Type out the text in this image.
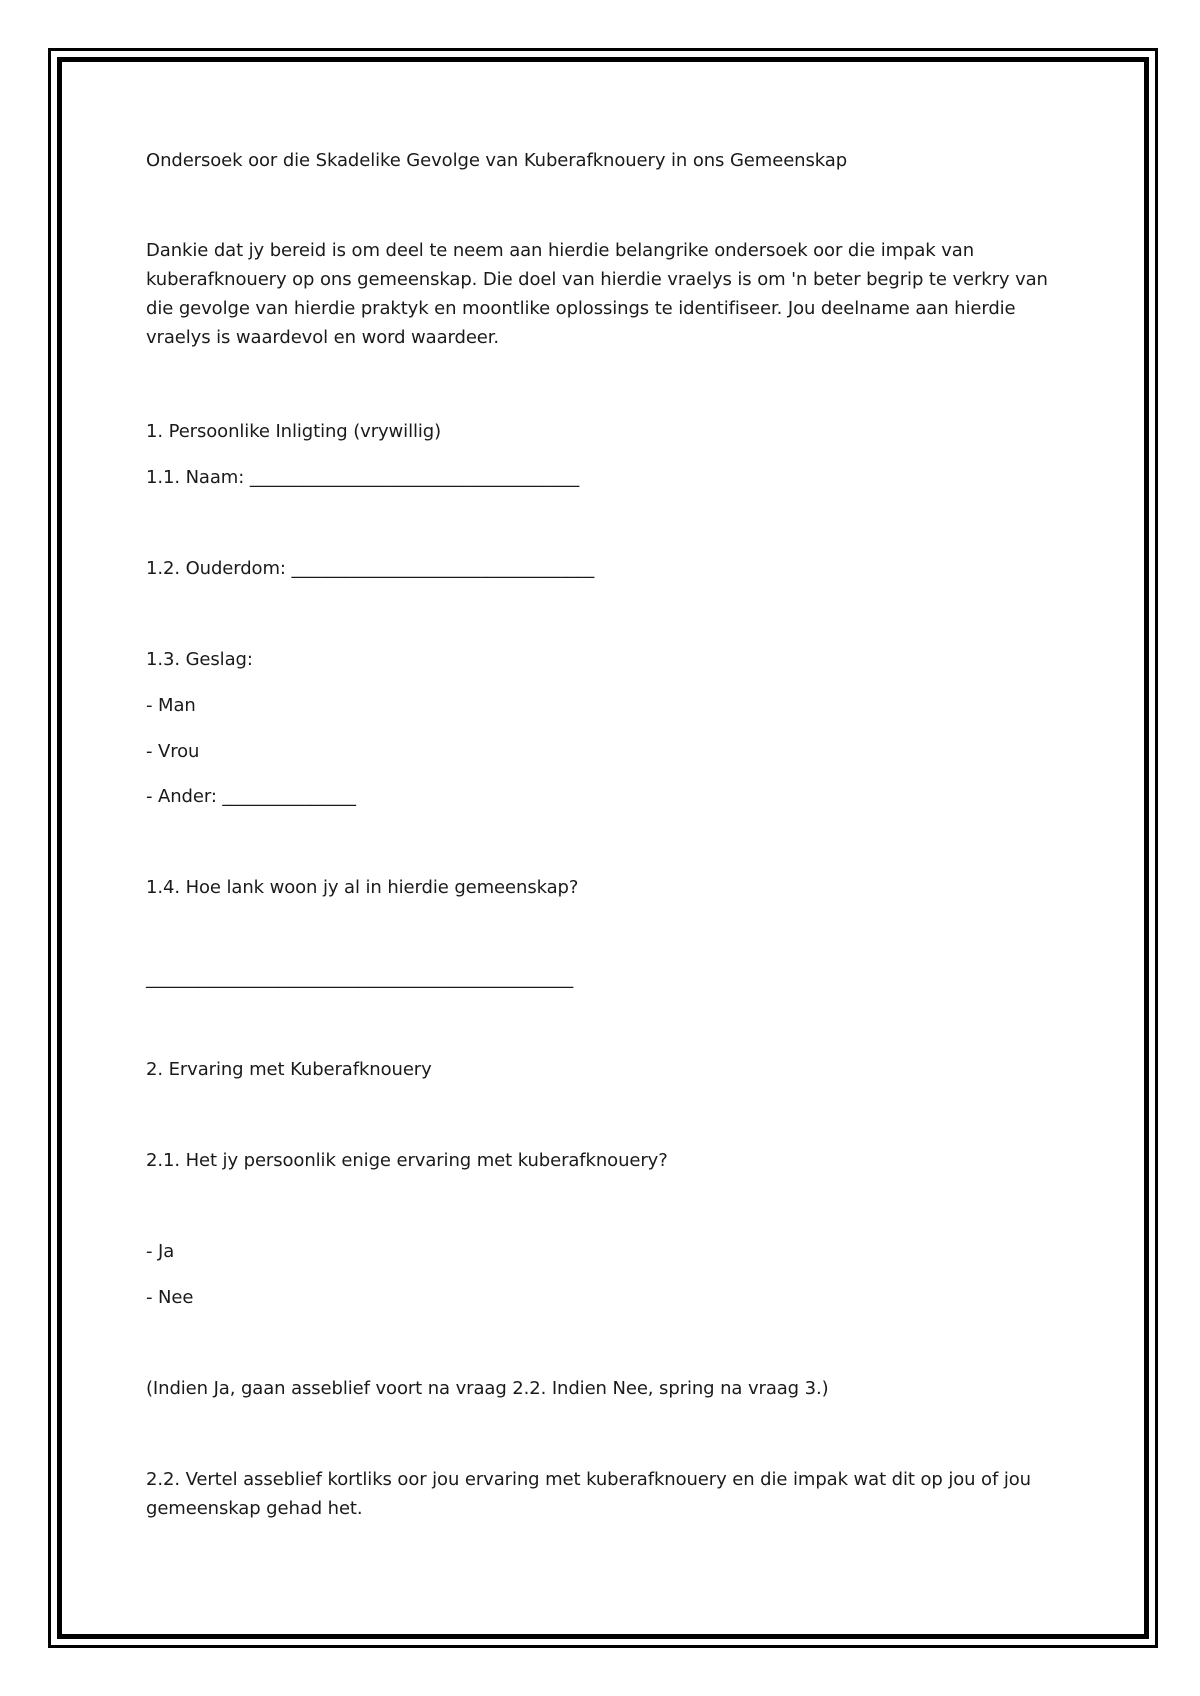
Ondersoek oor die Skadelike Gevolge van Kuberafknouery in ons Gemeenskap

Dankie dat jy bereid is om deel te neem aan hierdie belangrike ondersoek oor die impak van

kuberafknouery op ons gemeenskap. Die doel van hierdie vraelys is om 'n beter begrip te verkry van

die gevolge van hierdie praktyk en moontlike oplossings te identifiseer. Jou deelname aan hierdie

vraelys is waardevol en word waardeer.

1. Persoonlike Inligting (vrywillig)

1.1. Naam: _____________________________________

1.2. Ouderdom: __________________________________

1.3. Geslag:

- Man

- Vrou

- Ander: _______________

1.4. Hoe lank woon jy al in hierdie gemeenskap?

________________________________________________

2. Ervaring met Kuberafknouery

2.1. Het jy persoonlik enige ervaring met kuberafknouery?

- Ja

- Nee

(Indien Ja, gaan asseblief voort na vraag 2.2. Indien Nee, spring na vraag 3.)

2.2. Vertel asseblief kortliks oor jou ervaring met kuberafknouery en die impak wat dit op jou of jou

gemeenskap gehad het.
